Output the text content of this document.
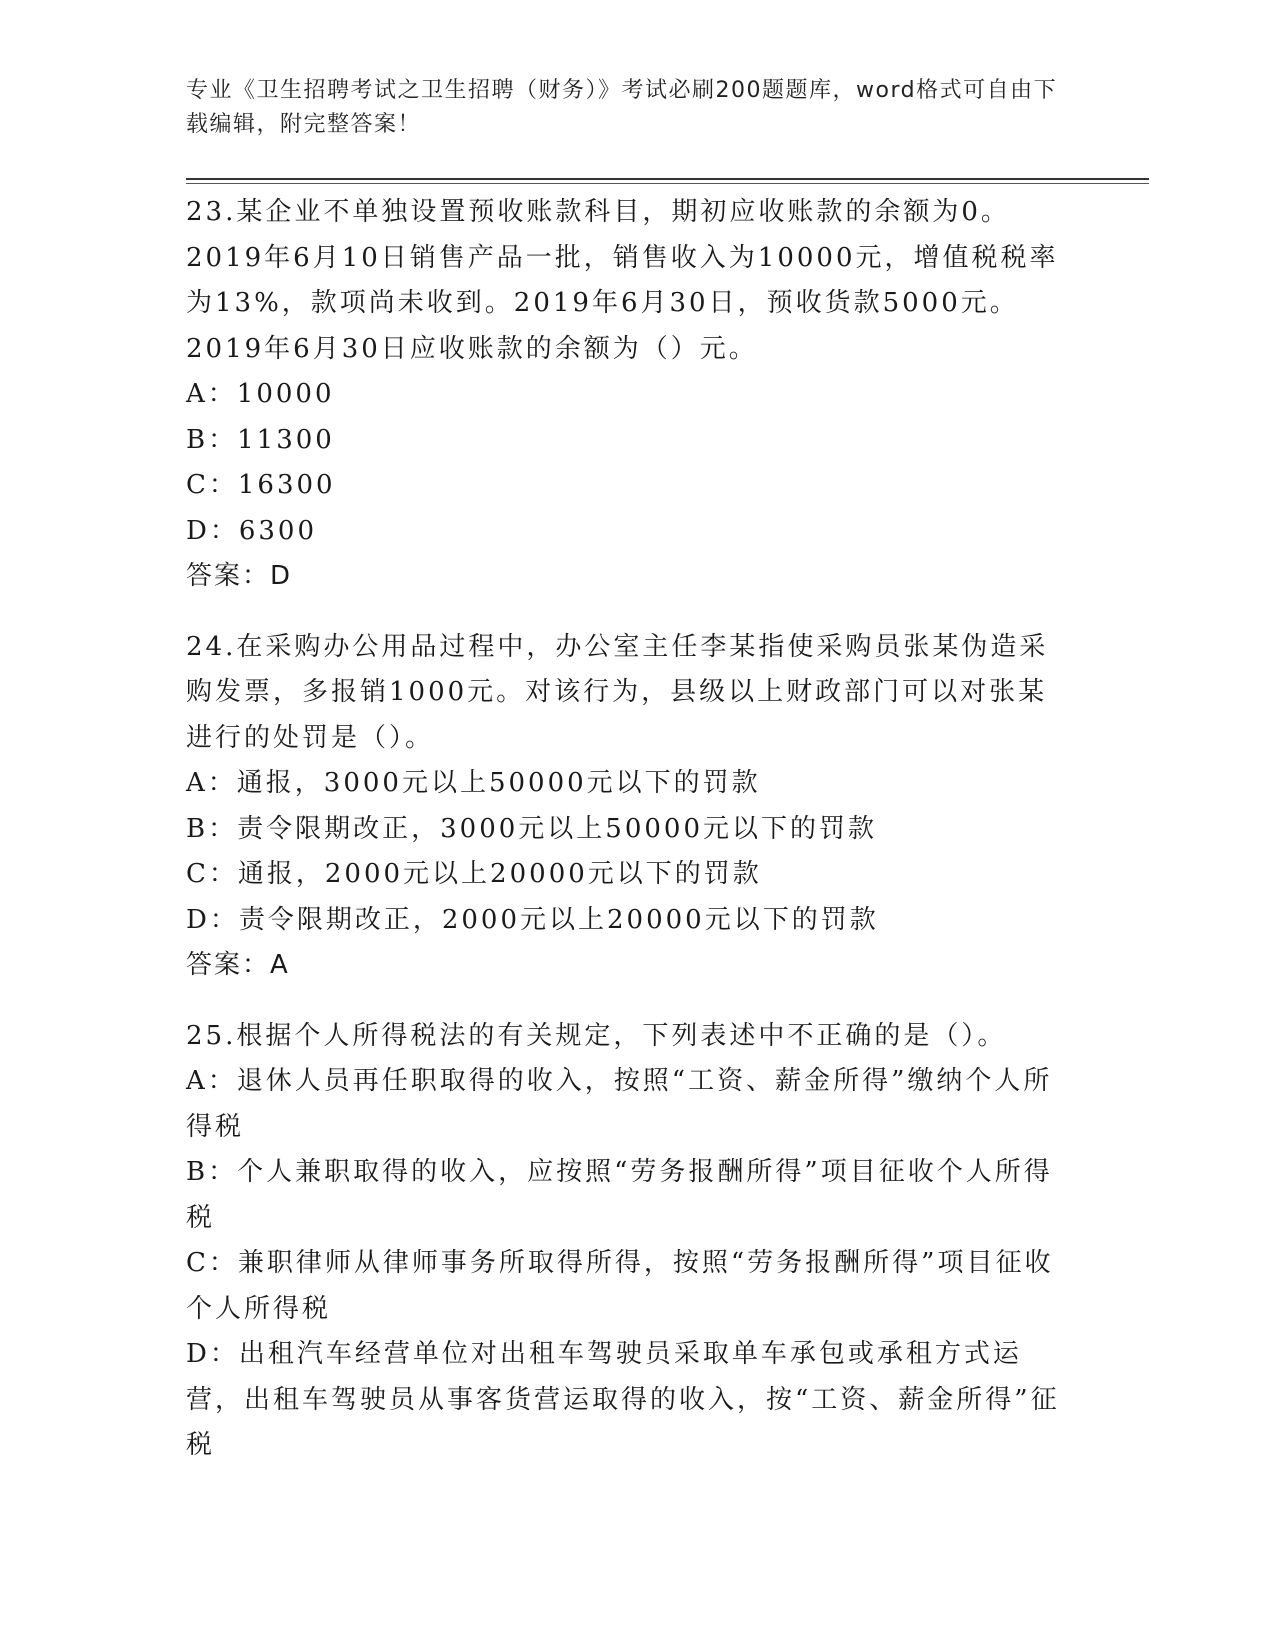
专业《卫生招聘考试之卫生招聘（财务）》考试必刷200题题库，word格式可自由下载编辑，附完整答案！

23.某企业不单独设置预收账款科目，期初应收账款的余额为0。2019年6月10日销售产品一批，销售收入为10000元，增值税税率为13%，款项尚未收到。2019年6月30日，预收货款5000元。2019年6月30日应收账款的余额为（）元。

A：10000

B：11300

C：16300

D：6300

答案：D

24.在采购办公用品过程中，办公室主任李某指使采购员张某伪造采购发票，多报销1000元。对该行为，县级以上财政部门可以对张某进行的处罚是（）。

A：通报，3000元以上50000元以下的罚款

B：责令限期改正，3000元以上50000元以下的罚款

C：通报，2000元以上20000元以下的罚款

D：责令限期改正，2000元以上20000元以下的罚款

答案：A

25.根据个人所得税法的有关规定，下列表述中不正确的是（）。

A：退休人员再任职取得的收入，按照“工资、薪金所得”缴纳个人所得税

B：个人兼职取得的收入，应按照“劳务报酬所得”项目征收个人所得税

C：兼职律师从律师事务所取得所得，按照“劳务报酬所得”项目征收个人所得税

D：出租汽车经营单位对出租车驾驶员采取单车承包或承租方式运营，出租车驾驶员从事客货营运取得的收入，按“工资、薪金所得”征税
